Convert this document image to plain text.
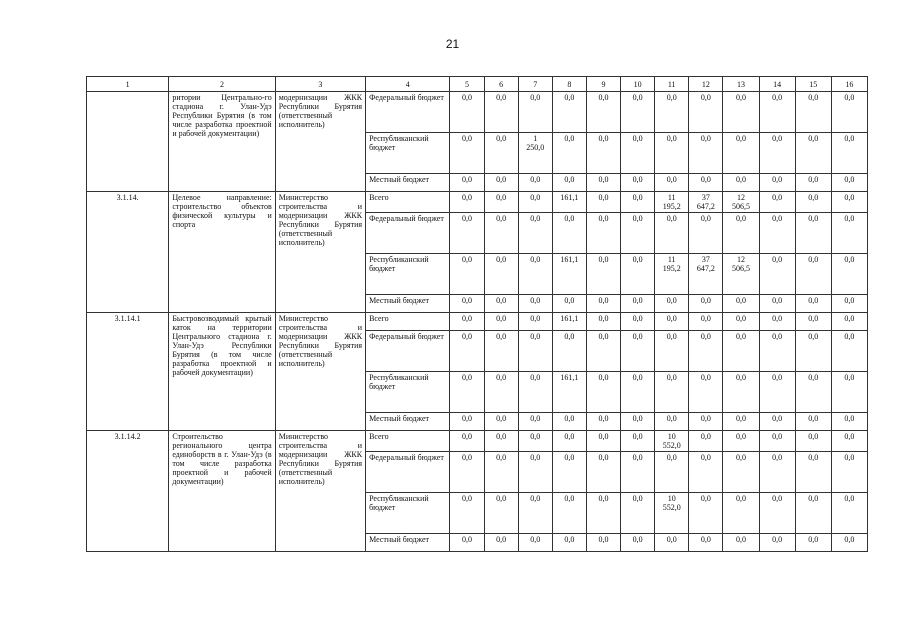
21
1	2	3	4	5	6	7	8	9	10	11	12	13	14	15	16
	ритории Центрально-го стадиона г. Улан-Удэ Республики Бурятия (в том числе разработка проектной и рабочей документации)	модернизации ЖКК Республики Бурятия (ответственный исполнитель)	Федеральный бюджет	0,0	0,0	0,0	0,0	0,0	0,0	0,0	0,0	0,0	0,0	0,0	0,0
			Республиканский бюджет	0,0	0,0	1
250,0	0,0	0,0	0,0	0,0	0,0	0,0	0,0	0,0	0,0
			Местный бюджет	0,0	0,0	0,0	0,0	0,0	0,0	0,0	0,0	0,0	0,0	0,0	0,0
3.1.14.	Целевое направление: строительство объектов физической культуры и спорта	Министерство строительства и модернизации ЖКК Республики Бурятия (ответственный исполнитель)	Всего	0,0	0,0	0,0	161,1	0,0	0,0	11
195,2	37
647,2	12
506,5	0,0	0,0	0,0
			Федеральный бюджет	0,0	0,0	0,0	0,0	0,0	0,0	0,0	0,0	0,0	0,0	0,0	0,0
			Республиканский бюджет	0,0	0,0	0,0	161,1	0,0	0,0	11
195,2	37
647,2	12
506,5	0,0	0,0	0,0
			Местный бюджет	0,0	0,0	0,0	0,0	0,0	0,0	0,0	0,0	0,0	0,0	0,0	0,0
3.1.14.1	Быстровозводимый крытый каток на территории Центрального стадиона г. Улан-Удэ Республики Бурятия (в том числе разработка проектной и рабочей документации)	Министерство строительства и модернизации ЖКК Республики Бурятия (ответственный исполнитель)	Всего	0,0	0,0	0,0	161,1	0,0	0,0	0,0	0,0	0,0	0,0	0,0	0,0
			Федеральный бюджет	0,0	0,0	0,0	0,0	0,0	0,0	0,0	0,0	0,0	0,0	0,0	0,0
			Республиканский бюджет	0,0	0,0	0,0	161,1	0,0	0,0	0,0	0,0	0,0	0,0	0,0	0,0
			Местный бюджет	0,0	0,0	0,0	0,0	0,0	0,0	0,0	0,0	0,0	0,0	0,0	0,0
3.1.14.2	Строительство регионального центра единоборств в г. Улан-Удэ (в том числе разработка проектной и рабочей документации)	Министерство строительства и модернизации ЖКК Республики Бурятия (ответственный исполнитель)	Всего	0,0	0,0	0,0	0,0	0,0	0,0	10
552,0	0,0	0,0	0,0	0,0	0,0
			Федеральный бюджет	0,0	0,0	0,0	0,0	0,0	0,0	0,0	0,0	0,0	0,0	0,0	0,0
			Республиканский бюджет	0,0	0,0	0,0	0,0	0,0	0,0	10
552,0	0,0	0,0	0,0	0,0	0,0
			Местный бюджет	0,0	0,0	0,0	0,0	0,0	0,0	0,0	0,0	0,0	0,0	0,0	0,0
